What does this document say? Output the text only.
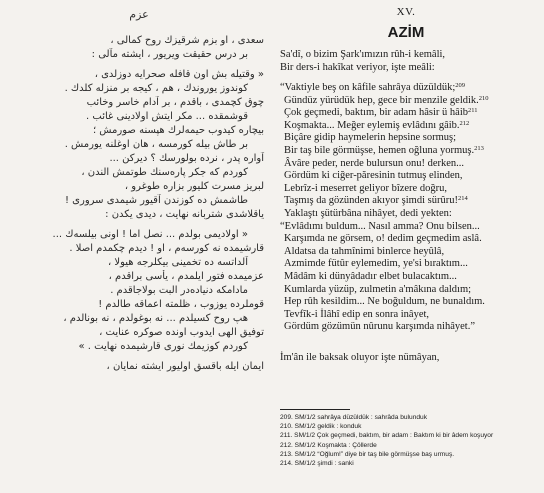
عزم
سعدی ، او بزم شرقیزك روح كمالی ،
بر درس حقیقت ویریور ، ایشته مآلی :
« وقتیله بش اون قافله صحرایه دوزلدی ،
كوندوز یوروندك ، هم ، كیجه بر منزله كلدك .
چوق كچمدی ، باقدم ، بر آدام خاسر وخائب
قوشمقده ... مكر ایتش اولادینی غائب .
بیچاره كیدوب حیمه‌لرك هپسنه صورمش ؛
بر طاش بیله كورمسه ، هان اوغلنه یورمش .
آواره پدر ، نرده بولورسك ؟ دیركن ...
كوردم كه جكر پاره‌سنك طوتمش الندن ،
لبریز مسرت كلیور بزاره طوغرو ،
طاشمش ده كوزندن آقیور شیمدی سروری !
یاقلاشدی شتربانه نهایت ، دیدی یكدن :
« اولادیمی بولدم ... نصل اما ! اونی بیلسه‌ك ...
قارشیمده نه كورسه‌م ، او ! دیدم چكمدم اصلا .
آلداتسه ده تخمینی بیكلرجه هیولا ،
عزمیمده فتور ایلمدم ، یأسی براقدم ،
مادامكه دنیاده‌در البت بولاجاقدم .
قوملرده یوزوب ، ظلمته اعماقه طالدم !
هپ روح كسیلدم ... نه بوغولدم ، نه بونالدم ،
توفیق الهی ایدوب اونده صوكره عنایت ،
كوردم كوزیمك نوری قارشیمده نهایت . »
ایمان ایله باقسق اولیور ایشته نمایان ،
XV.
AZİM
Sa'dî, o bizim Şark'ımızın rûh-i kemâli,
Bir ders-i hakîkat veriyor, işte meâli:
“Vaktiyle beş on kâfile sahrâya düzüldük;$^{209}$
Gündüz yürüdük hep, gece bir menzile geldik.$^{210}$
Çok geçmedi, baktım, bir adam hâsir ü hâib$^{211}$
Koşmakta... Meğer eylemiş evlâdını gâib.$^{212}$
Biçâre gidip haymelerin hepsine sormuş;
Bir taş bile görmüşse, hemen oğluna yormuş.$^{213}$
Âvâre peder, nerde bulursun onu! derken...
Gördüm ki ciğer-păresinin tutmuş elinden,
Lebrîz-i meserret geliyor bîzere doğru,
Taşmış da gözünden akıyor şimdi sürûru!$^{214}$
Yaklaştı şütürbâna nihâyet, dedi yekten:
“Evlâdımı buldum... Nasıl amma? Onu bilsen...
Karşımda ne görsem, o! dedim geçmedim aslâ.
Aldatsa da tahmînimi binlerce heyûlâ,
Azmimde fütûr eylemedim, ye'si bıraktım...
Mâdâm ki dünyâdadır elbet bulacaktım...
Kumlarda yüzüp, zulmetin a'mâkına daldım;
Hep rûh kesildim... Ne boğuldum, ne bunaldım.
Tevfîk-i İlâhî edip en sonra inâyet,
Gördüm gözümün nûrunu karşımda nihâyet.”
İm'ân ile baksak oluyor işte nümâyan,
209. SM/1/2 sahrâya düzüldük : sahrâda bulunduk
210. SM/1/2 geldik : konduk
211. SM/1/2 Çok geçmedi, baktım, bir adam : Baktım ki bir âdem koşuyor
212. SM/1/2 Koşmakta : Çöllerde
213. SM/1/2 “Oğlum!” diye bir taş bile görmüşse baş urmuş.
214. SM/1/2 şimdi : sanki
